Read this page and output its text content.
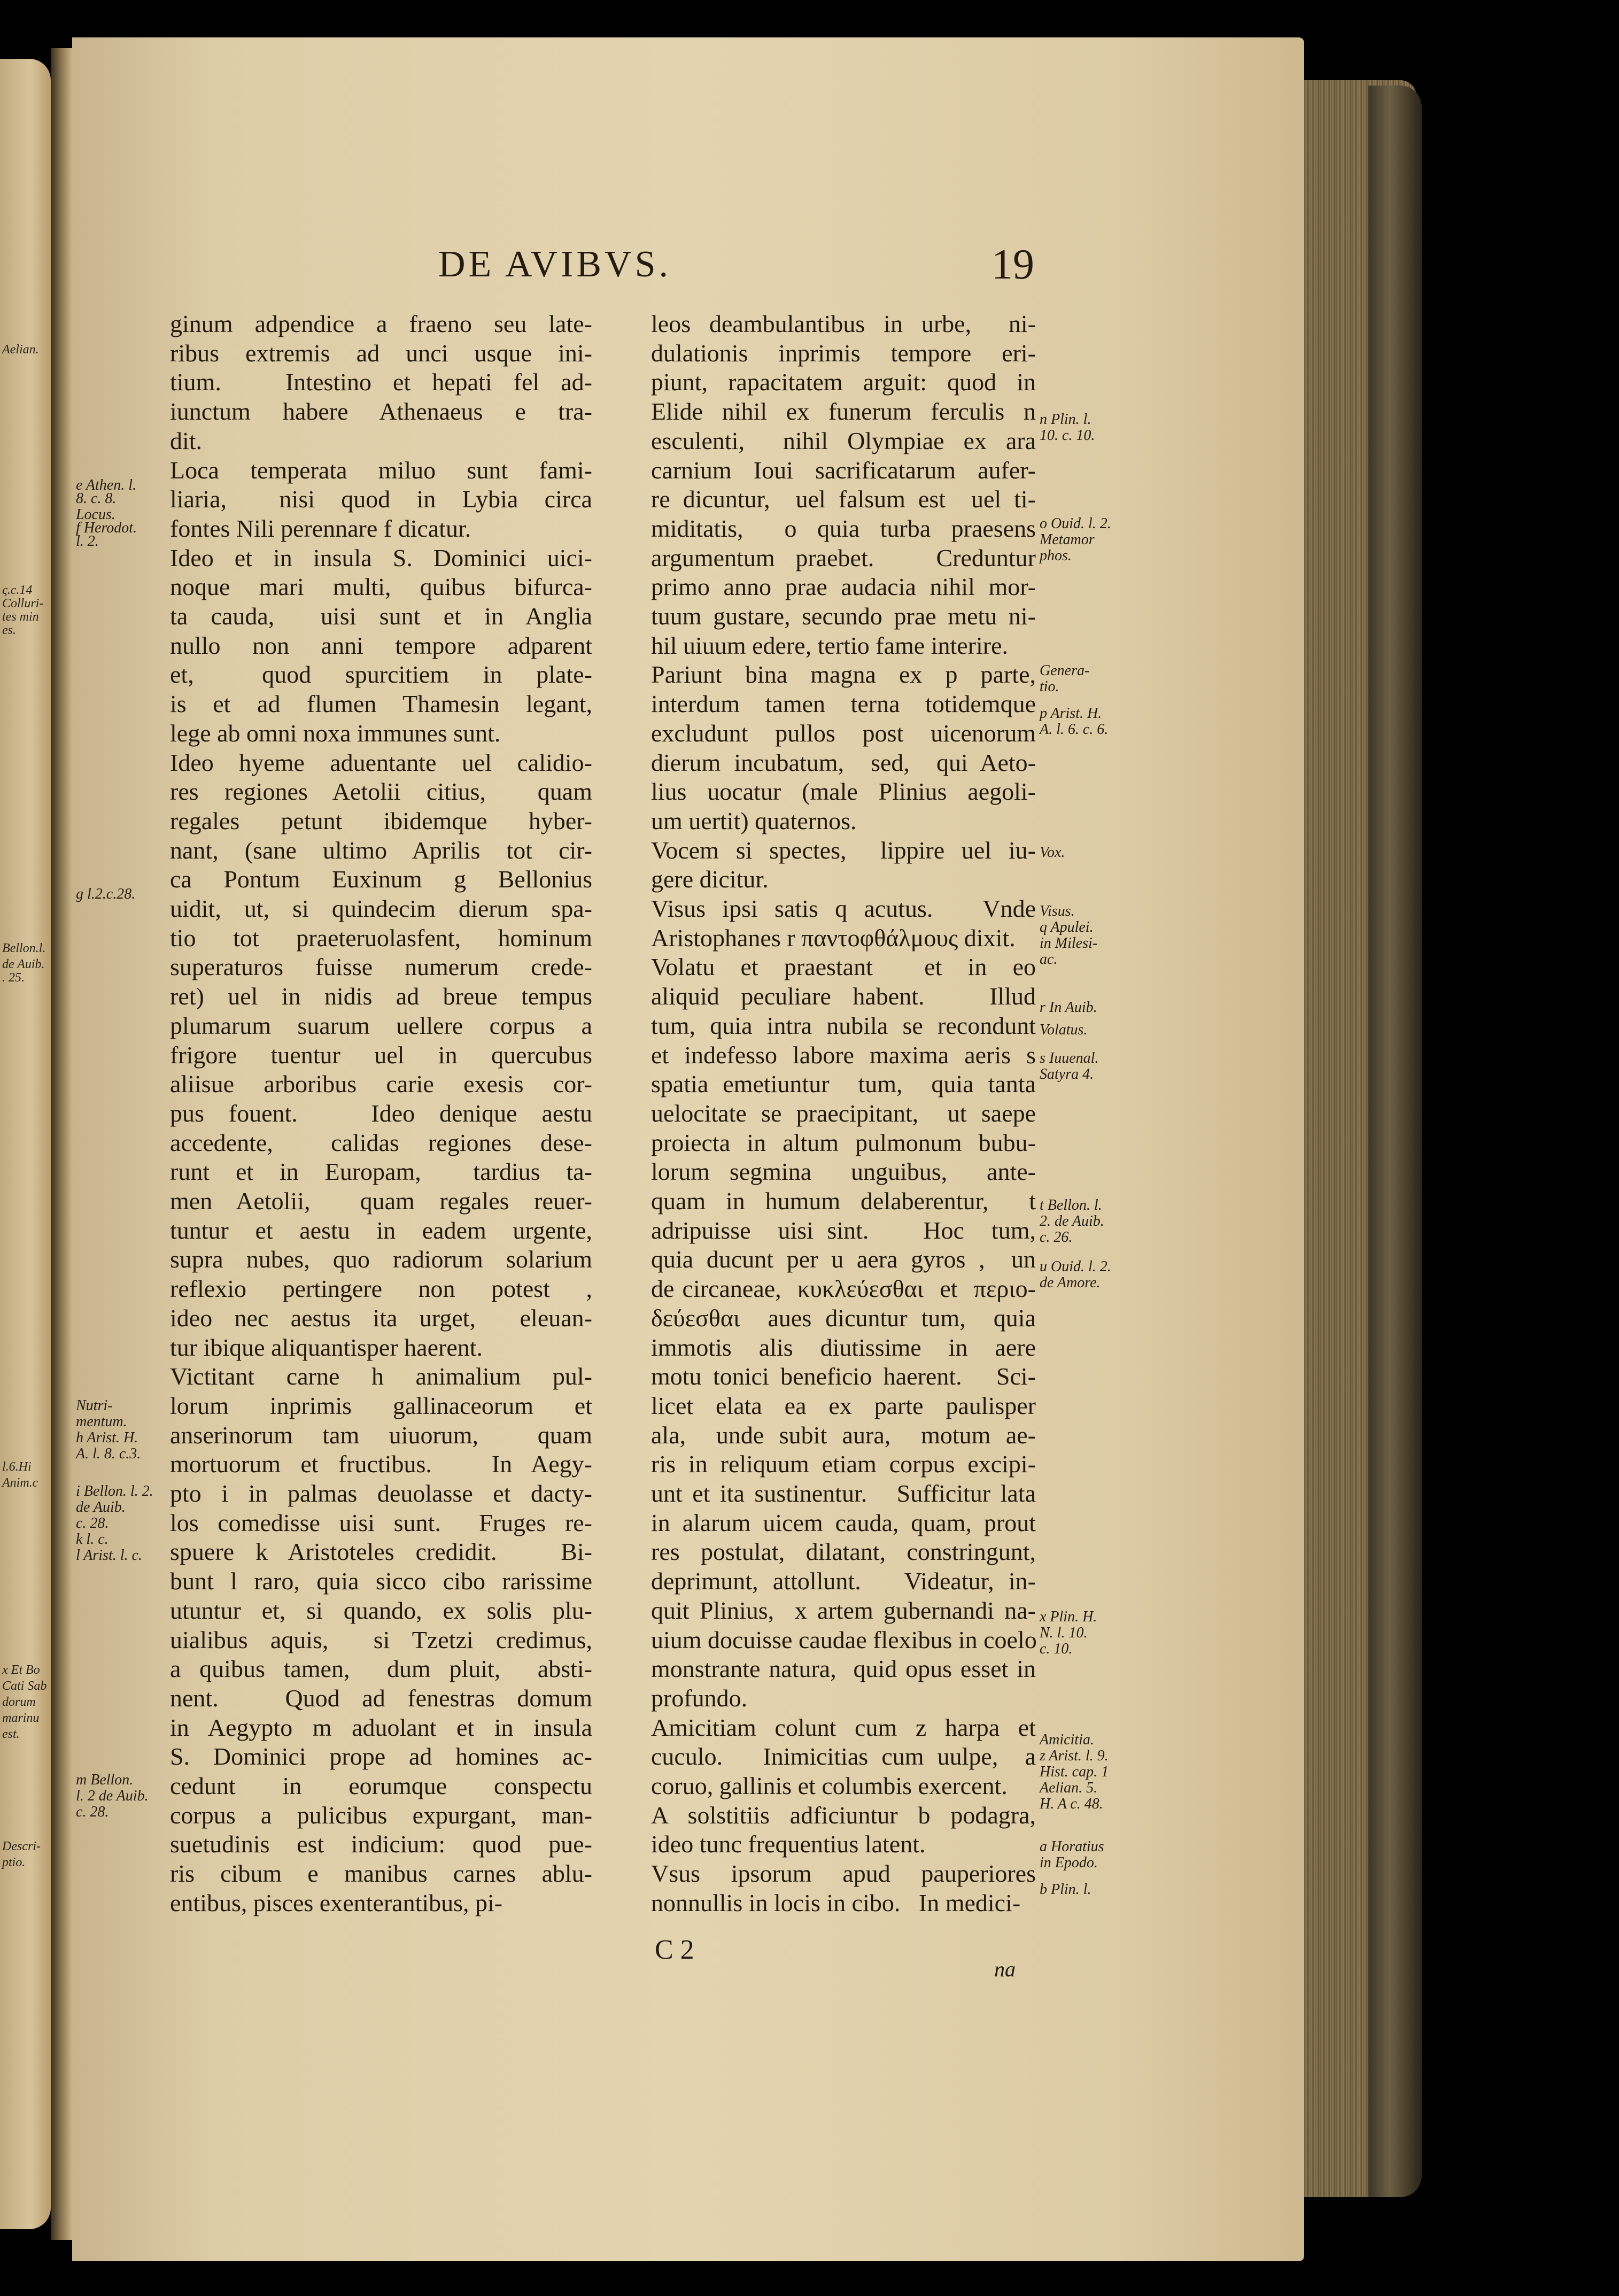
Aelian.
ς.c.14
Colluri-
tes min
es.
Bellon.l.
de Auib.
. 25.
l.6.Hi
Anim.c
x Et Bo
Cati Sab
dorum
marinu
est.
Descri-
ptio.
DE AVIBVS.	19
ginum adpendice a fraeno seu late-
ribus extremis ad unci usque ini-
tium.   Intestino et hepati fel ad-
iunctum habere Athenaeus e tra-
dit.
Loca temperata miluo sunt fami-
liaria,  nisi quod in Lybia circa
fontes Nili perennare f dicatur.
Ideo et in insula S. Dominici uici-
noque mari multi, quibus bifurca-
ta cauda,  uisi sunt et in Anglia
nullo non anni tempore adparent
et,  quod spurcitiem in plate-
is et ad flumen Thamesin legant,
lege ab omni noxa immunes sunt.
Ideo hyeme aduentante uel calidio-
res regiones Aetolii citius,  quam
regales petunt ibidemque hyber-
nant, (sane ultimo Aprilis tot cir-
ca Pontum Euxinum g Bellonius
uidit, ut, si quindecim dierum spa-
tio tot praeteruolasfent, hominum
superaturos fuisse numerum crede-
ret) uel in nidis ad breue tempus
plumarum suarum uellere corpus a
frigore tuentur uel in quercubus
aliisue arboribus carie exesis cor-
pus fouent.   Ideo denique aestu
accedente,  calidas regiones dese-
runt et in Europam,  tardius ta-
men Aetolii,  quam regales reuer-
tuntur et aestu in eadem urgente,
supra nubes, quo radiorum solarium
reflexio pertingere non potest ,
ideo nec aestus ita urget,  eleuan-
tur ibique aliquantisper haerent.
Victitant carne h animalium pul-
lorum inprimis gallinaceorum et
anserinorum tam uiuorum,  quam
mortuorum et fructibus.   In Aegy-
pto i in palmas deuolasse et dacty-
los comedisse uisi sunt.  Fruges re-
spuere k Aristoteles credidit.   Bi-
bunt l raro, quia sicco cibo rarissime
utuntur et, si quando, ex solis plu-
uialibus aquis,  si Tzetzi credimus,
a quibus tamen,  dum pluit,  absti-
nent.   Quod ad fenestras domum
in Aegypto m aduolant et in insula
S. Dominici prope ad homines ac-
cedunt in eorumque conspectu
corpus a pulicibus expurgant, man-
suetudinis est indicium: quod pue-
ris cibum e manibus carnes ablu-
entibus, pisces exenterantibus, pi-
leos deambulantibus in urbe,  ni-
dulationis inprimis tempore eri-
piunt, rapacitatem arguit: quod in
Elide nihil ex funerum ferculis n
esculenti,  nihil Olympiae ex ara
carnium Ioui sacrificatarum aufer-
re dicuntur,  uel falsum est  uel ti-
miditatis,  o quia turba praesens
argumentum praebet.   Creduntur
primo anno prae audacia nihil mor-
tuum gustare, secundo prae metu ni-
hil uiuum edere, tertio fame interire.
Pariunt bina magna ex p parte,
interdum tamen terna totidemque
excludunt pullos post uicenorum
dierum incubatum,  sed,  qui Aeto-
lius uocatur (male Plinius aegoli-
um uertit) quaternos.
Vocem si spectes,  lippire uel iu-
gere dicitur.
Visus ipsi satis q acutus.   Vnde
Aristophanes r παντοφθάλμους dixit.
Volatu et praestant  et in eo
aliquid peculiare habent.   Illud
tum, quia intra nubila se recondunt
et indefesso labore maxima aeris s
spatia emetiuntur  tum,  quia tanta
uelocitate se praecipitant,  ut saepe
proiecta in altum pulmonum bubu-
lorum segmina  unguibus,  ante-
quam in humum delaberentur,  t
adripuisse  uisi sint.    Hoc  tum,
quia ducunt per u aera gyros ,  un
de circaneae,  κυκλεύεσθαι  et  περιο-
δεύεσθαι  aues dicuntur tum,  quia
immotis alis diutissime in aere
motu tonici beneficio haerent.   Sci-
licet elata ea ex parte paulisper
ala,  unde subit aura,  motum ae-
ris in reliquum etiam corpus excipi-
unt et ita sustinentur.   Sufficitur lata
in alarum uicem cauda, quam, prout
res postulat, dilatant, constringunt,
deprimunt, attollunt.   Videatur, in-
quit Plinius,  x artem gubernandi na-
uium docuisse caudae flexibus in coelo
monstrante natura,  quid opus esset in
profundo.
Amicitiam colunt cum z harpa et
cuculo.   Inimicitias cum uulpe,  a
coruo, gallinis et columbis exercent.
A solstitiis adficiuntur b podagra,
ideo tunc frequentius latent.
Vsus ipsorum apud pauperiores
nonnullis in locis in cibo.   In medici-
C 2
na
e Athen. l.
8. c. 8.
Locus.
f Herodot.
l. 2.
g l.2.c.28.
Nutri-
mentum.
h Arist. H.
A. l. 8. c.3.
i Bellon. l. 2.
de Auib.
c. 28.
k l. c.
l Arist. l. c.
m Bellon.
l. 2 de Auib.
c. 28.
n Plin. l.
10. c. 10.
o Ouid. l. 2.
Metamor
phos.
Genera-
tio.
p Arist. H.
A. l. 6. c. 6.
Vox.
Visus.
q Apulei.
in Milesi-
ac.
r In Auib.
Volatus.
s Iuuenal.
Satyra 4.
t Bellon. l.
2. de Auib.
c. 26.
u Ouid. l. 2.
de Amore.
x Plin. H.
N. l. 10.
c. 10.
Amicitia.
z Arist. l. 9.
Hist. cap. 1
Aelian. 5.
H. A c. 48.
a Horatius
in Epodo.
b Plin. l.
